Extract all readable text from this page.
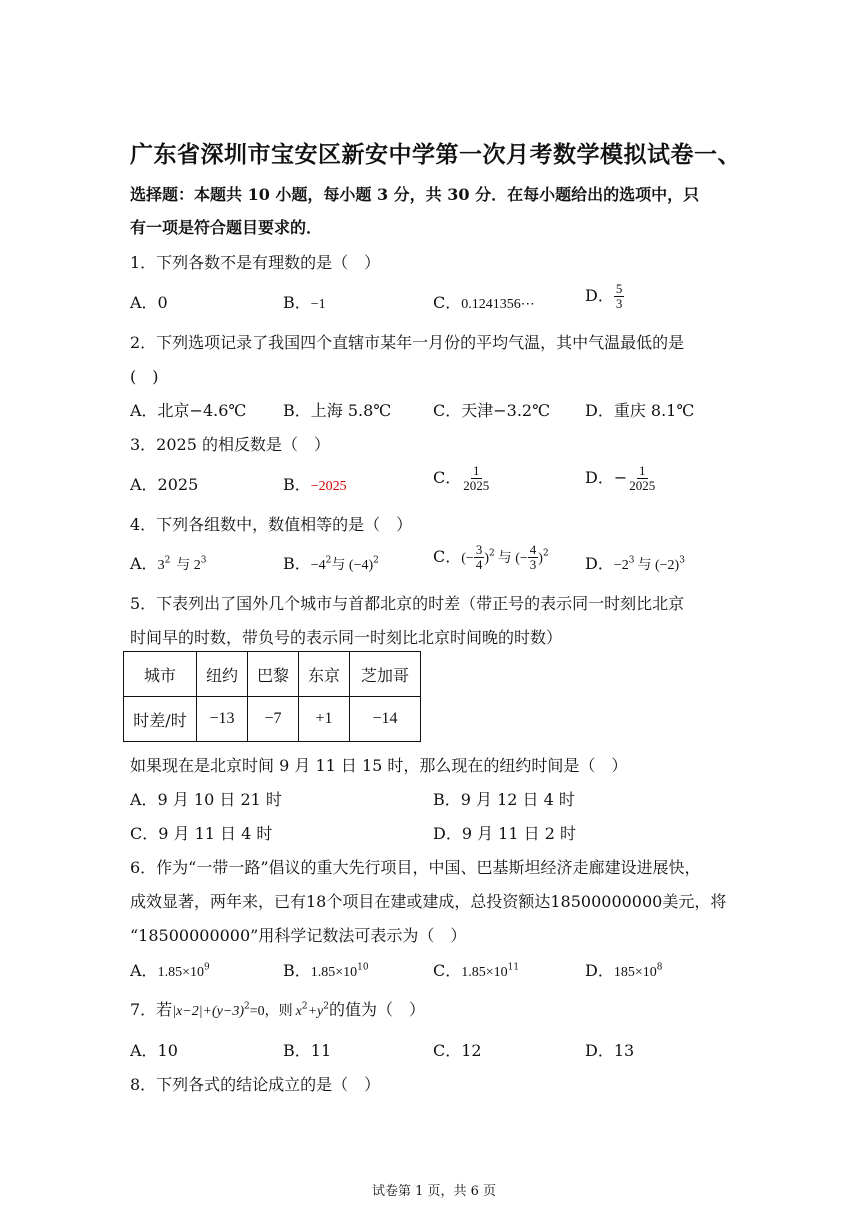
广东省深圳市宝安区新安中学第一次月考数学模拟试卷一、
选择题：本题共 10 小题，每小题 3 分，共 30 分．在每小题给出的选项中，只
有一项是符合题目要求的．
1．下列各数不是有理数的是（　）
A．0	B．−1	C．0.1241356⋯	D． $\frac{5}{3}$
2．下列选项记录了我国四个直辖市某年一月份的平均气温，其中气温最低的是
(　)
A．北京−4.6℃ B．上海 5.8℃	C．天津−3.2℃ D．重庆 8.1℃
3．2025 的相反数是（　）
A．2025	B．−2025	C． $\frac{1}{2025}$	D．− $\frac{1}{2025}$
4．下列各组数中，数值相等的是（　）
A．$3^2$ 与 $2^3$	B．$-4^2$与 $(-4)^2$	C．(− $\frac{3}{4} )^2$ 与 (− $\frac{4}{3} )^2$
D．$-2^3$ 与 $(-2)^3$
5．下表列出了国外几个城市与首都北京的时差（带正号的表示同一时刻比北京
时间早的时数，带负号的表示同一时刻比北京时间晚的时数）
城市	纽约	巴黎	东京	芝加哥
时差/时	−13	−7	+1	−14
如果现在是北京时间 9 月 11 日 15 时，那么现在的纽约时间是（　）
A．9 月 10 日 21 时	B．9 月 12 日 4 时
C．9 月 11 日 4 时	D．9 月 11 日 2 时
6．作为“一带一路”倡议的重大先行项目，中国、巴基斯坦经济走廊建设进展快，
成效显著，两年来，已有18个项目在建或建成，总投资额达18500000000美元，将
“18500000000”用科学记数法可表示为（　）
A．$1.85\times 10^9$	B．$1.85\times 10^{10}$	C．$1.85\times 10^{11}$	D．$185\times 10^8$
7．若$|x-2|+(y-3)^2=0$，则 $x^2+y^2$的值为（　）
A．10	B．11	C．12	D．13
8．下列各式的结论成立的是（　）
试卷第 1 页，共 6 页
